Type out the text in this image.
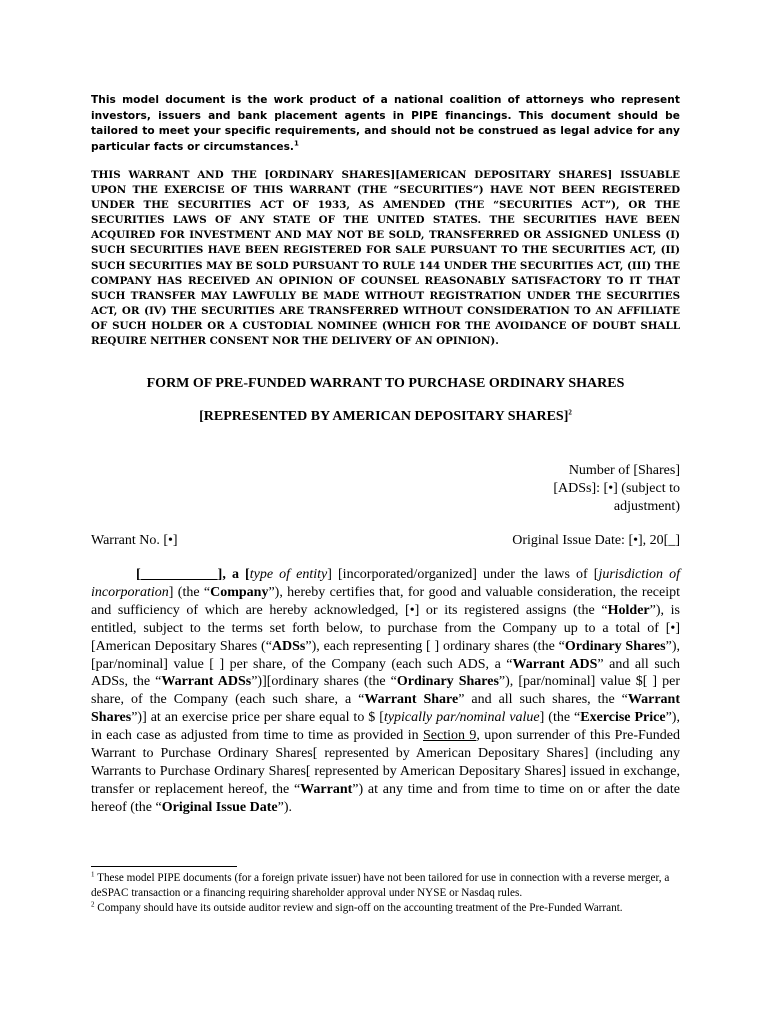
This model document is the work product of a national coalition of attorneys who represent investors, issuers and bank placement agents in PIPE financings. This document should be tailored to meet your specific requirements, and should not be construed as legal advice for any particular facts or circumstances.$^1$
THIS WARRANT AND THE [ORDINARY SHARES][AMERICAN DEPOSITARY SHARES] ISSUABLE UPON THE EXERCISE OF THIS WARRANT (THE “SECURITIES”) HAVE NOT BEEN REGISTERED UNDER THE SECURITIES ACT OF 1933, AS AMENDED (THE “SECURITIES ACT”), OR THE SECURITIES LAWS OF ANY STATE OF THE UNITED STATES. THE SECURITIES HAVE BEEN ACQUIRED FOR INVESTMENT AND MAY NOT BE SOLD, TRANSFERRED OR ASSIGNED UNLESS (I) SUCH SECURITIES HAVE BEEN REGISTERED FOR SALE PURSUANT TO THE SECURITIES ACT, (II) SUCH SECURITIES MAY BE SOLD PURSUANT TO RULE 144 UNDER THE SECURITIES ACT, (III) THE COMPANY HAS RECEIVED AN OPINION OF COUNSEL REASONABLY SATISFACTORY TO IT THAT SUCH TRANSFER MAY LAWFULLY BE MADE WITHOUT REGISTRATION UNDER THE SECURITIES ACT, OR (IV) THE SECURITIES ARE TRANSFERRED WITHOUT CONSIDERATION TO AN AFFILIATE OF SUCH HOLDER OR A CUSTODIAL NOMINEE (WHICH FOR THE AVOIDANCE OF DOUBT SHALL REQUIRE NEITHER CONSENT NOR THE DELIVERY OF AN OPINION).
FORM OF PRE-FUNDED WARRANT TO PURCHASE ORDINARY SHARES
[REPRESENTED BY AMERICAN DEPOSITARY SHARES]$^2$
Number of [Shares]
[ADSs]: [•] (subject to
adjustment)
Warrant No. [•]	Original Issue Date: [•], 20[_]
[___________], a [type of entity] [incorporated/organized] under the laws of [jurisdiction of incorporation] (the “Company”), hereby certifies that, for good and valuable consideration, the receipt and sufficiency of which are hereby acknowledged, [•] or its registered assigns (the “Holder”), is entitled, subject to the terms set forth below, to purchase from the Company up to a total of [•] [American Depositary Shares (“ADSs”), each representing [ ] ordinary shares (the “Ordinary Shares”), [par/nominal] value [ ] per share, of the Company (each such ADS, a “Warrant ADS” and all such ADSs, the “Warrant ADSs”)][ordinary shares (the “Ordinary Shares”), [par/nominal] value $[ ] per share, of the Company (each such share, a “Warrant Share” and all such shares, the “Warrant Shares”)] at an exercise price per share equal to $ [typically par/nominal value] (the “Exercise Price”), in each case as adjusted from time to time as provided in Section 9, upon surrender of this Pre-Funded Warrant to Purchase Ordinary Shares[ represented by American Depositary Shares] (including any Warrants to Purchase Ordinary Shares[ represented by American Depositary Shares] issued in exchange, transfer or replacement hereof, the “Warrant”) at any time and from time to time on or after the date hereof (the “Original Issue Date”).
$^1$ These model PIPE documents (for a foreign private issuer) have not been tailored for use in connection with a reverse merger, a deSPAC transaction or a financing requiring shareholder approval under NYSE or Nasdaq rules.
$^2$ Company should have its outside auditor review and sign-off on the accounting treatment of the Pre-Funded Warrant.
